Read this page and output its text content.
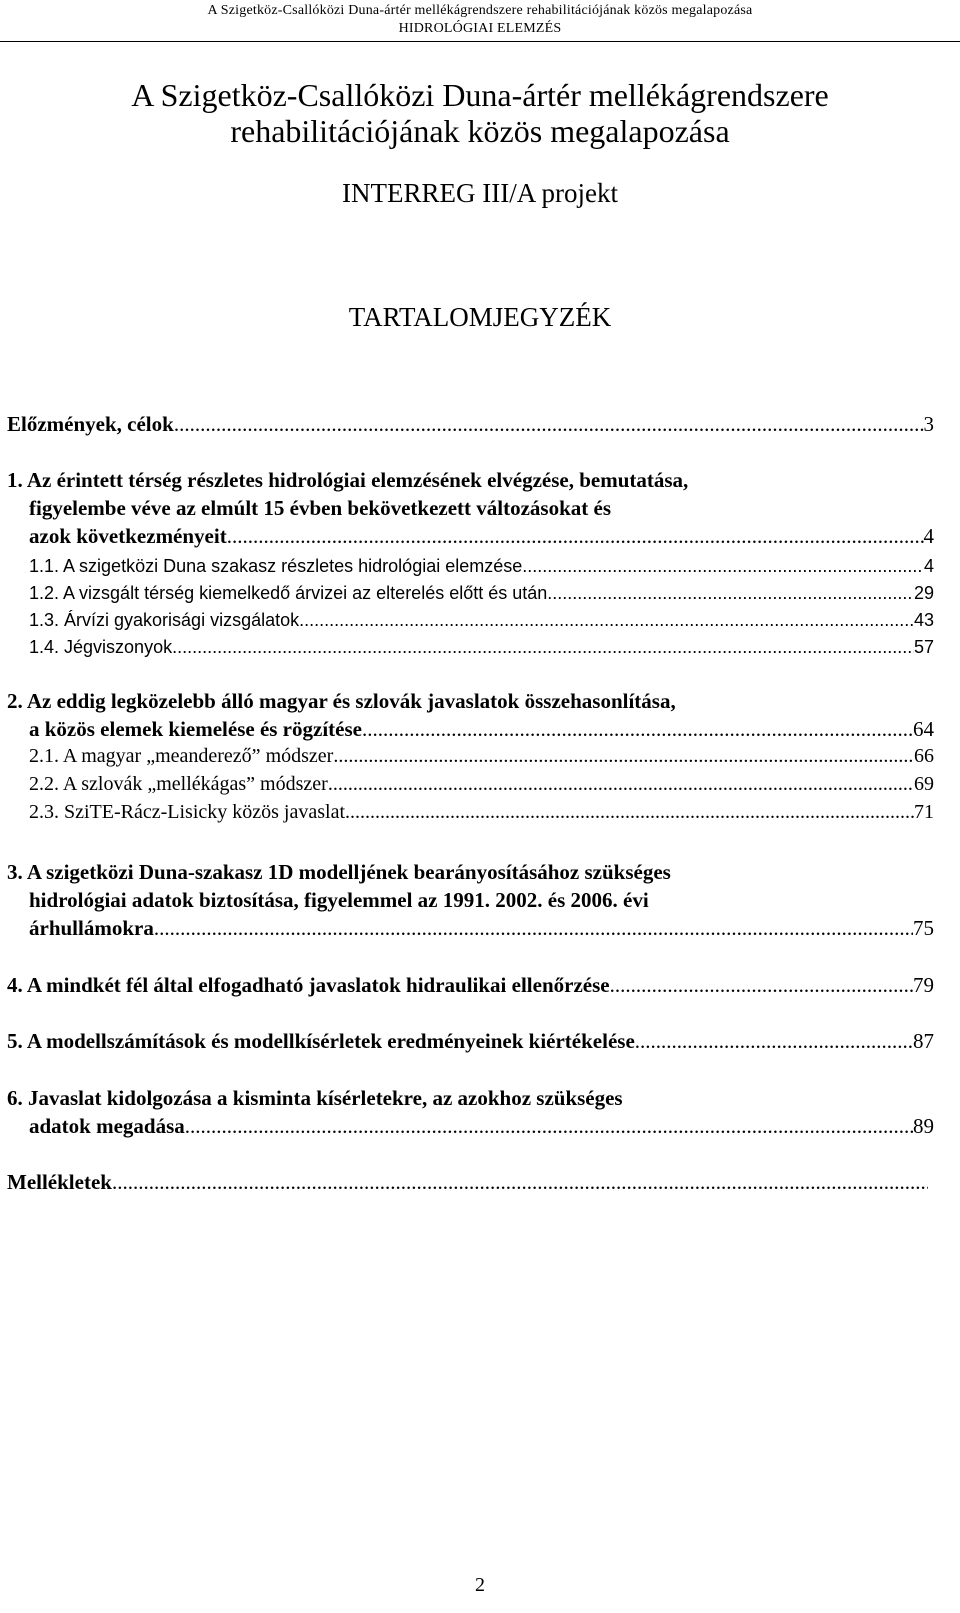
A Szigetköz-Csallóközi Duna-ártér mellékágrendszere rehabilitációjának közös megalapozása
HIDROLÓGIAI ELEMZÉS
A Szigetköz-Csallóközi Duna-ártér mellékágrendszere
rehabilitációjának közös megalapozása
INTERREG III/A projekt
TARTALOMJEGYZÉK
Előzmények, célok .....	3
1. Az érintett térség részletes hidrológiai elemzésének elvégzése, bemutatása,
figyelembe véve az elmúlt 15 évben bekövetkezett változásokat és
azok következményeit .....	4
1.1. A szigetközi Duna szakasz részletes hidrológiai elemzése .....	4
1.2. A vizsgált térség kiemelkedő árvizei az elterelés előtt és után .....	29
1.3. Árvízi gyakorisági vizsgálatok .....	43
1.4. Jégviszonyok .....	57
2. Az eddig legközelebb álló magyar és szlovák javaslatok összehasonlítása,
a közös elemek kiemelése és rögzítése .....	64
2.1. A magyar „meanderező” módszer .....	66
2.2. A szlovák „mellékágas” módszer .....	69
2.3. SziTE-Rácz-Lisicky közös javaslat .....	71
3. A szigetközi Duna-szakasz 1D modelljének bearányosításához szükséges
hidrológiai adatok biztosítása, figyelemmel az 1991. 2002. és 2006. évi
árhullámokra .....	75
4. A mindkét fél által elfogadható javaslatok hidraulikai ellenőrzése .....	79
5. A modellszámítások és modellkísérletek eredményeinek kiértékelése .....	87
6. Javaslat kidolgozása a kisminta kísérletekre, az azokhoz szükséges
adatok megadása .....	89
Mellékletek
.....
2
